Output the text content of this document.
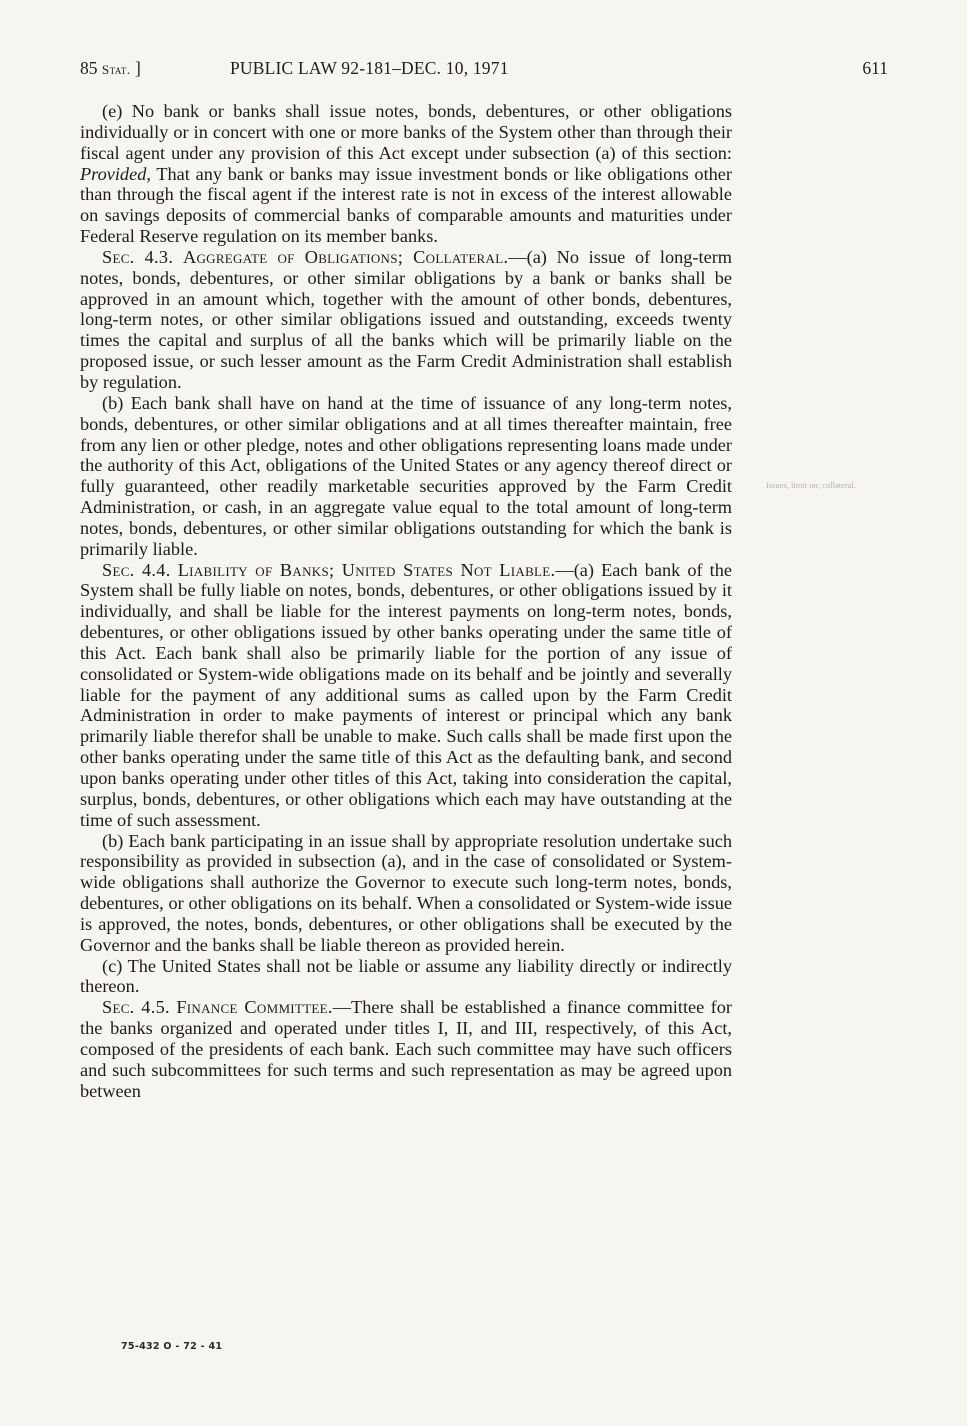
85 Stat. ]	PUBLIC LAW 92-181–DEC. 10, 1971	611
Issues, limit on; collateral.

(e) No bank or banks shall issue notes, bonds, debentures, or other obligations individually or in concert with one or more banks of the System other than through their fiscal agent under any provision of this Act except under subsection (a) of this section: Provided, That any bank or banks may issue investment bonds or like obligations other than through the fiscal agent if the interest rate is not in excess of the interest allowable on savings deposits of commercial banks of comparable amounts and maturities under Federal Reserve regulation on its member banks.

Sec. 4.3. Aggregate of Obligations; Collateral.—(a) No issue of long-term notes, bonds, debentures, or other similar obligations by a bank or banks shall be approved in an amount which, together with the amount of other bonds, debentures, long-term notes, or other similar obligations issued and outstanding, exceeds twenty times the capital and surplus of all the banks which will be primarily liable on the proposed issue, or such lesser amount as the Farm Credit Administration shall establish by regulation.

(b) Each bank shall have on hand at the time of issuance of any long-term notes, bonds, debentures, or other similar obligations and at all times thereafter maintain, free from any lien or other pledge, notes and other obligations representing loans made under the authority of this Act, obligations of the United States or any agency thereof direct or fully guaranteed, other readily marketable securities approved by the Farm Credit Administration, or cash, in an aggregate value equal to the total amount of long-term notes, bonds, debentures, or other similar obligations outstanding for which the bank is primarily liable.

Sec. 4.4. Liability of Banks; United States Not Liable.—(a) Each bank of the System shall be fully liable on notes, bonds, debentures, or other obligations issued by it individually, and shall be liable for the interest payments on long-term notes, bonds, debentures, or other obligations issued by other banks operating under the same title of this Act. Each bank shall also be primarily liable for the portion of any issue of consolidated or System-wide obligations made on its behalf and be jointly and severally liable for the payment of any additional sums as called upon by the Farm Credit Administration in order to make payments of interest or principal which any bank primarily liable therefor shall be unable to make. Such calls shall be made first upon the other banks operating under the same title of this Act as the defaulting bank, and second upon banks operating under other titles of this Act, taking into consideration the capital, surplus, bonds, debentures, or other obligations which each may have outstanding at the time of such assessment.

(b) Each bank participating in an issue shall by appropriate resolution undertake such responsibility as provided in subsection (a), and in the case of consolidated or System-wide obligations shall authorize the Governor to execute such long-term notes, bonds, debentures, or other obligations on its behalf. When a consolidated or System-wide issue is approved, the notes, bonds, debentures, or other obligations shall be executed by the Governor and the banks shall be liable thereon as provided herein.

(c) The United States shall not be liable or assume any liability directly or indirectly thereon.

Sec. 4.5. Finance Committee.—There shall be established a finance committee for the banks organized and operated under titles I, II, and III, respectively, of this Act, composed of the presidents of each bank. Each such committee may have such officers and such subcommittees for such terms and such representation as may be agreed upon between

75-432 O - 72 - 41
